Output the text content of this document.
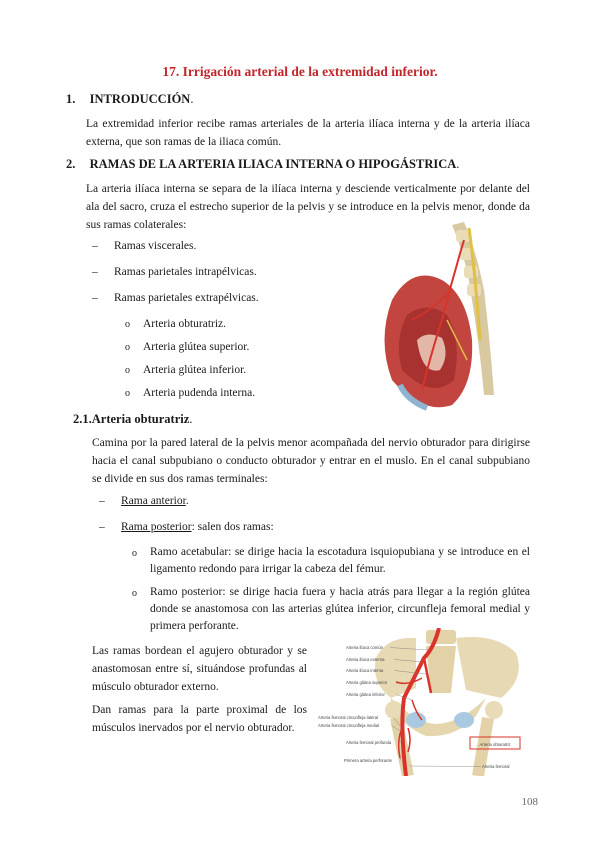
17. Irrigación arterial de la extremidad inferior.
1. INTRODUCCIÓN.
La extremidad inferior recibe ramas arteriales de la arteria ilíaca interna y de la arteria ilíaca externa, que son ramas de la iliaca común.
2. RAMAS DE LA ARTERIA ILIACA INTERNA O HIPOGÁSTRICA.
La arteria ilíaca interna se separa de la ilíaca interna y desciende verticalmente por delante del ala del sacro, cruza el estrecho superior de la pelvis y se introduce en la pelvis menor, donde da sus ramas colaterales:
– Ramas viscerales.
– Ramas parietales intrapélvicas.
– Ramas parietales extrapélvicas.
o Arteria obturatriz.
o Arteria glútea superior.
o Arteria glútea inferior.
o Arteria pudenda interna.
2.1.Arteria obturatriz.
Camina por la pared lateral de la pelvis menor acompañada del nervio obturador para dirigirse hacia el canal subpubiano o conducto obturador y entrar en el muslo. En el canal subpubiano se divide en sus dos ramas terminales:
– Rama anterior.
– Rama posterior: salen dos ramas:
o Ramo acetabular: se dirige hacia la escotadura isquiopubiana y se introduce en el ligamento redondo para irrigar la cabeza del fémur.
o Ramo posterior: se dirige hacia fuera y hacia atrás para llegar a la región glútea donde se anastomosa con las arterias glútea inferior, circunfleja femoral medial y primera perforante.
Las ramas bordean el agujero obturador y se anastomosan entre sí, situándose profundas al músculo obturador externo.
Dan ramas para la parte proximal de los músculos inervados por el nervio obturador.
Arteria ilíaca común
Arteria ilíaca externa
Arteria ilíaca interna
Arteria glútea superior
Arteria glútea inferior
Arteria femoral circunfleja lateral
Arteria femoral circunfleja medial
Arteria femoral profunda
Primera arteria perforante
Arteria obturatriz
Arteria femoral
108
